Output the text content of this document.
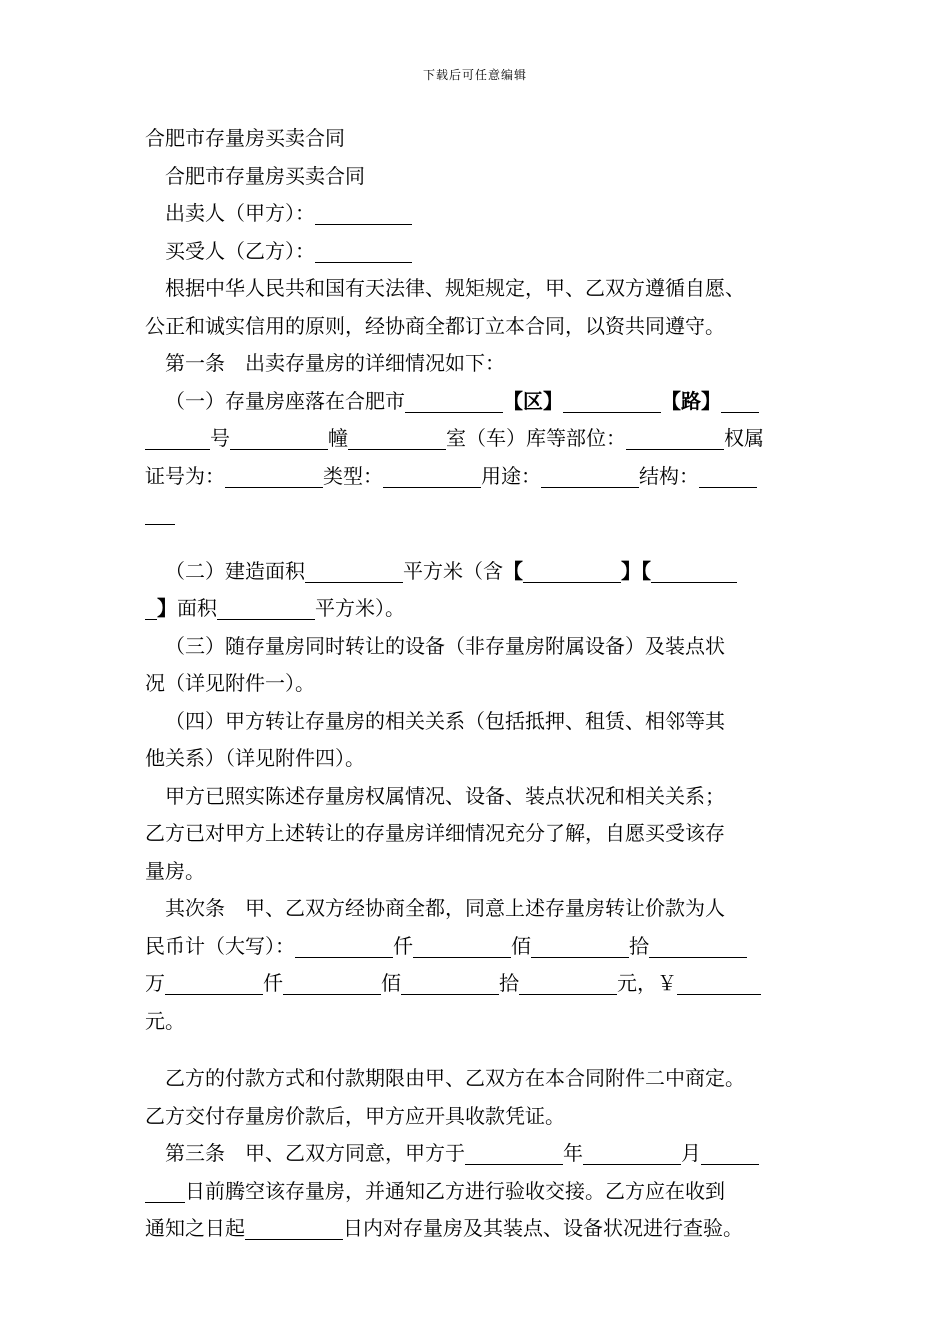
下载后可任意编辑
合肥市存量房买卖合同
合肥市存量房买卖合同
出卖人（甲方）：
买受人（乙方）：
根据中华人民共和国有天法律、规矩规定，甲、乙双方遵循自愿、
公正和诚实信用的原则，经协商全都订立本合同，以资共同遵守。
第一条　出卖存量房的详细情况如下：
（一）存量房座落在合肥市	【区】	【路】
号	幢	室（车）库等部位：	权属
证号为：	类型：	用途：	结构：
（二）建造面积	平方米（含【	】【
】面积	平方米）。
（三）随存量房同时转让的设备（非存量房附属设备）及装点状
况（详见附件一）。
（四）甲方转让存量房的相关关系（包括抵押、租赁、相邻等其
他关系）（详见附件四）。
甲方已照实陈述存量房权属情况、设备、装点状况和相关关系；
乙方已对甲方上述转让的存量房详细情况充分了解，自愿买受该存
量房。
其次条　甲、乙双方经协商全都，同意上述存量房转让价款为人
民币计（大写）：	仟	佰	拾
万	仟	佰	拾	元，￥
元。
乙方的付款方式和付款期限由甲、乙双方在本合同附件二中商定。
乙方交付存量房价款后，甲方应开具收款凭证。
第三条　甲、乙双方同意，甲方于	年	月
日前腾空该存量房，并通知乙方进行验收交接。乙方应在收到
通知之日起	日内对存量房及其装点、设备状况进行查验。
